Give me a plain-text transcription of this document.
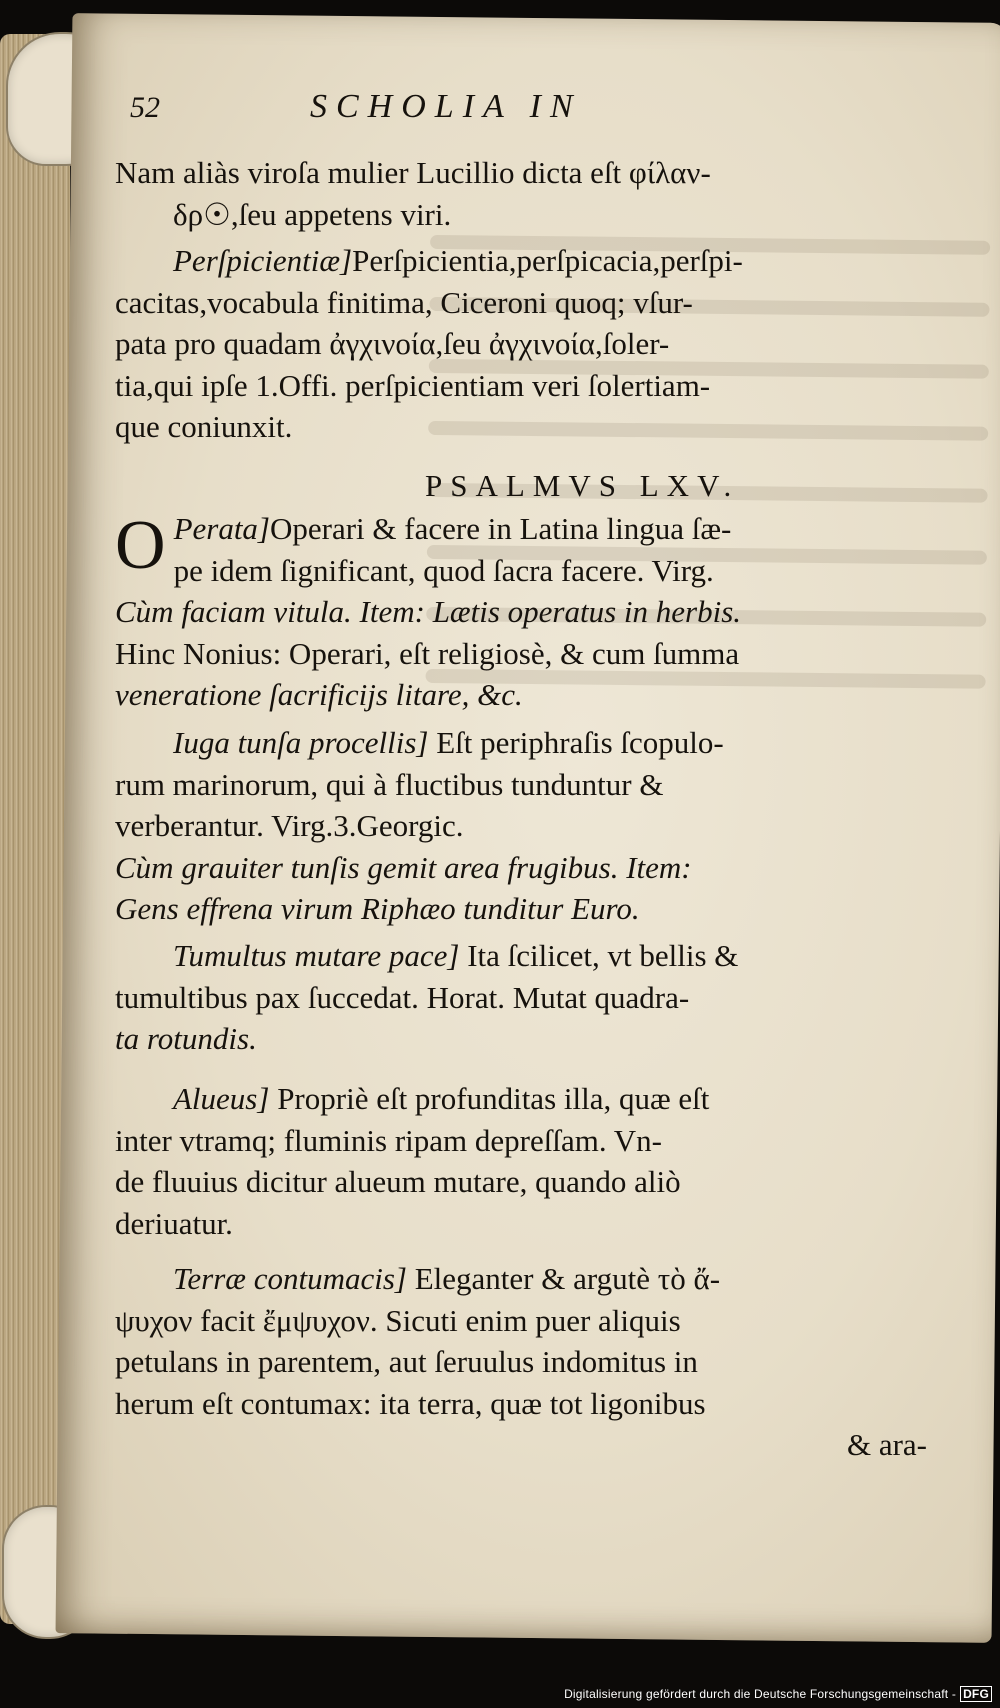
52	SCHOLIA IN

Nam aliàs viroſa mulier Lucillio dicta eſt φίλαν-

δρ☉,ſeu appetens viri.

Perſpicientiæ]Perſpicientia,perſpicacia,perſpi-

cacitas,vocabula finitima, Ciceroni quoq; vſur-

pata pro quadam ἀγχινοία,ſeu ἀγχινοία,ſoler-

tia,qui ipſe 1.Offi. perſpicientiam veri ſolertiam-

que coniunxit.

PSALMVS LXV.
O Perata]Operari & facere in Latina lingua ſæ-

pe idem ſignificant, quod ſacra facere. Virg.

Cùm faciam vitula. Item: Lætis operatus in herbis.

Hinc Nonius: Operari, eſt religiosè, & cum ſumma

veneratione ſacrificijs litare, &c.

Iuga tunſa procellis] Eſt periphraſis ſcopulo-

rum marinorum, qui à fluctibus tunduntur &

verberantur. Virg.3.Georgic.

Cùm grauiter tunſis gemit area frugibus. Item:

Gens effrena virum Riphæo tunditur Euro.

Tumultus mutare pace] Ita ſcilicet, vt bellis &

tumultibus pax ſuccedat. Horat. Mutat quadra-

ta rotundis.

Alueus] Propriè eſt profunditas illa, quæ eſt

inter vtramq; fluminis ripam depreſſam. Vn-

de fluuius dicitur alueum mutare, quando aliò

deriuatur.

Terræ contumacis] Eleganter & argutè τὸ ἄ-

ψυχον facit ἔμψυχον. Sicuti enim puer aliquis

petulans in parentem, aut ſeruulus indomitus in

herum eſt contumax: ita terra, quæ tot ligonibus

& ara-

Digitalisierung gefördert durch die Deutsche Forschungsgemeinschaft - DFG
